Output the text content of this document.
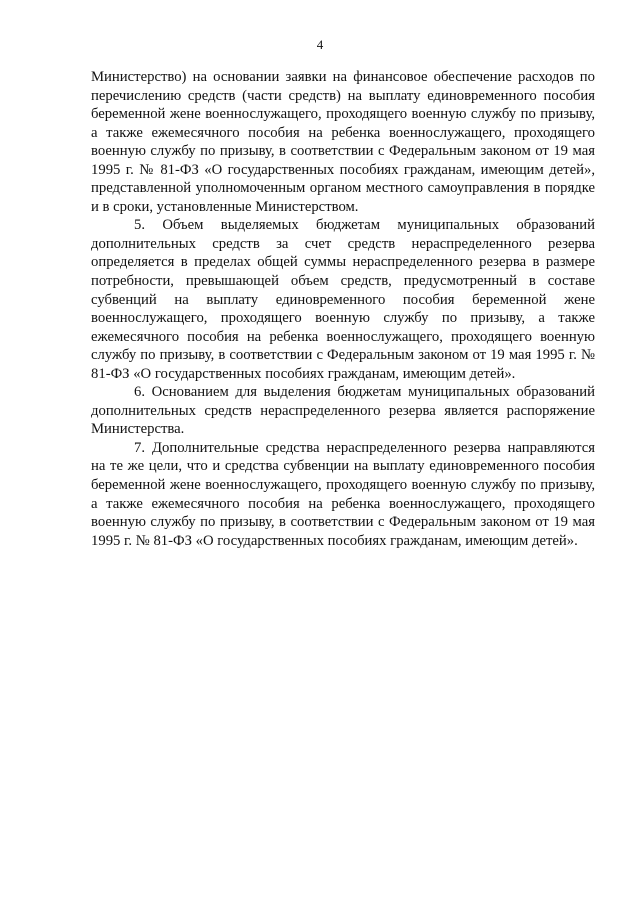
4

Министерство) на основании заявки на финансовое обеспечение расходов по перечислению средств (части средств) на выплату единовременного пособия беременной жене военнослужащего, проходящего военную службу по призыву, а также ежемесячного пособия на ребенка военнослужащего, проходящего военную службу по призыву, в соответствии с Федеральным законом от 19 мая 1995 г. № 81-ФЗ «О государственных пособиях гражданам, имеющим детей», представленной уполномоченным органом местного самоуправления в порядке и в сроки, установленные Министерством.

5. Объем выделяемых бюджетам муниципальных образований дополнительных средств за счет средств нераспределенного резерва определяется в пределах общей суммы нераспределенного резерва в размере потребности, превышающей объем средств, предусмотренный в составе субвенций на выплату единовременного пособия беременной жене военнослужащего, проходящего военную службу по призыву, а также ежемесячного пособия на ребенка военнослужащего, проходящего военную службу по призыву, в соответствии с Федеральным законом от 19 мая 1995 г. № 81-ФЗ «О государственных пособиях гражданам, имеющим детей».

6. Основанием для выделения бюджетам муниципальных образований дополнительных средств нераспределенного резерва является распоряжение Министерства.

7. Дополнительные средства нераспределенного резерва направляются на те же цели, что и средства субвенции на выплату единовременного пособия беременной жене военнослужащего, проходящего военную службу по призыву, а также ежемесячного пособия на ребенка военнослужащего, проходящего военную службу по призыву, в соответствии с Федеральным законом от 19 мая 1995 г. № 81-ФЗ «О государственных пособиях гражданам, имеющим детей».
